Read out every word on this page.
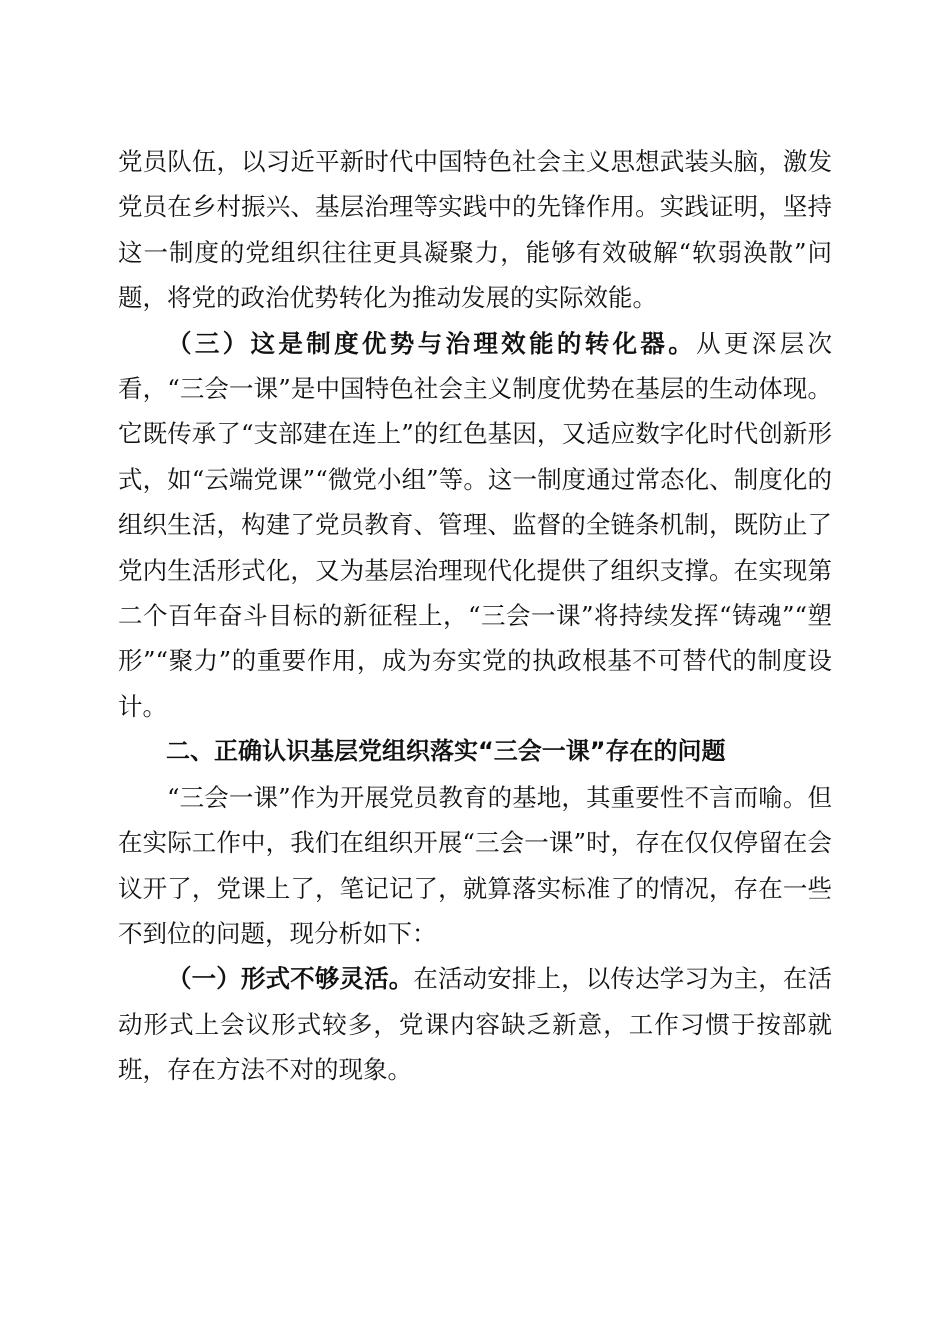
党员队伍，以习近平新时代中国特色社会主义思想武装头脑，激发党员在乡村振兴、基层治理等实践中的先锋作用。实践证明，坚持这一制度的党组织往往更具凝聚力，能够有效破解“软弱涣散”问题，将党的政治优势转化为推动发展的实际效能。

（三）这是制度优势与治理效能的转化器。从更深层次看，“三会一课”是中国特色社会主义制度优势在基层的生动体现。它既传承了“支部建在连上”的红色基因，又适应数字化时代创新形式，如“云端党课”“微党小组”等。这一制度通过常态化、制度化的组织生活，构建了党员教育、管理、监督的全链条机制，既防止了党内生活形式化，又为基层治理现代化提供了组织支撑。在实现第二个百年奋斗目标的新征程上，“三会一课”将持续发挥“铸魂”“塑形”“聚力”的重要作用，成为夯实党的执政根基不可替代的制度设计。

二、正确认识基层党组织落实“三会一课”存在的问题

“三会一课”作为开展党员教育的基地，其重要性不言而喻。但在实际工作中，我们在组织开展“三会一课”时，存在仅仅停留在会议开了，党课上了，笔记记了，就算落实标准了的情况，存在一些不到位的问题，现分析如下：

（一）形式不够灵活。在活动安排上，以传达学习为主，在活动形式上会议形式较多，党课内容缺乏新意，工作习惯于按部就班，存在方法不对的现象。
